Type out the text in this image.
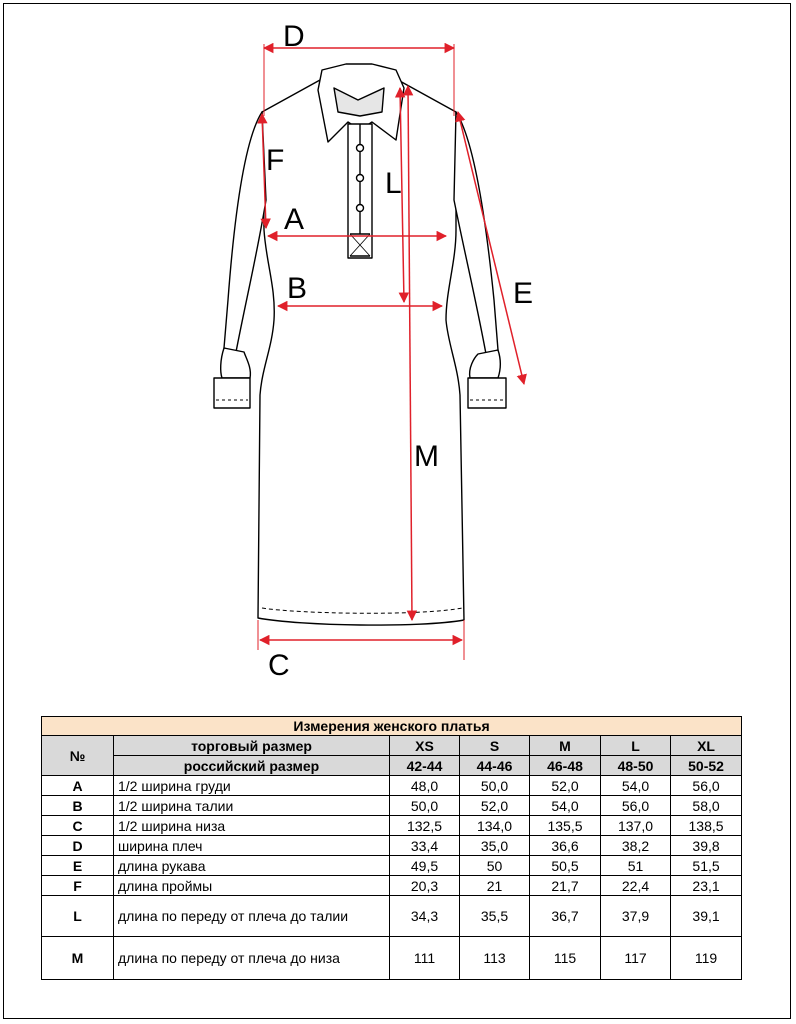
D
A
B
C
F
L
M
E
Измерения женского платья						
№	торговый размер	XS	S	M	L	XL
	российский размер	42-44	44-46	46-48	48-50	50-52
A	1/2 ширина груди	48,0	50,0	52,0	54,0	56,0
B	1/2 ширина талии	50,0	52,0	54,0	56,0	58,0
C	1/2 ширина низа	132,5	134,0	135,5	137,0	138,5
D	ширина плеч	33,4	35,0	36,6	38,2	39,8
E	длина рукава	49,5	50	50,5	51	51,5
F	длина проймы	20,3	21	21,7	22,4	23,1
L	длина по переду от плеча до талии	34,3	35,5	36,7	37,9	39,1
M	длина по переду от плеча до низа	111	113	115	117	119
